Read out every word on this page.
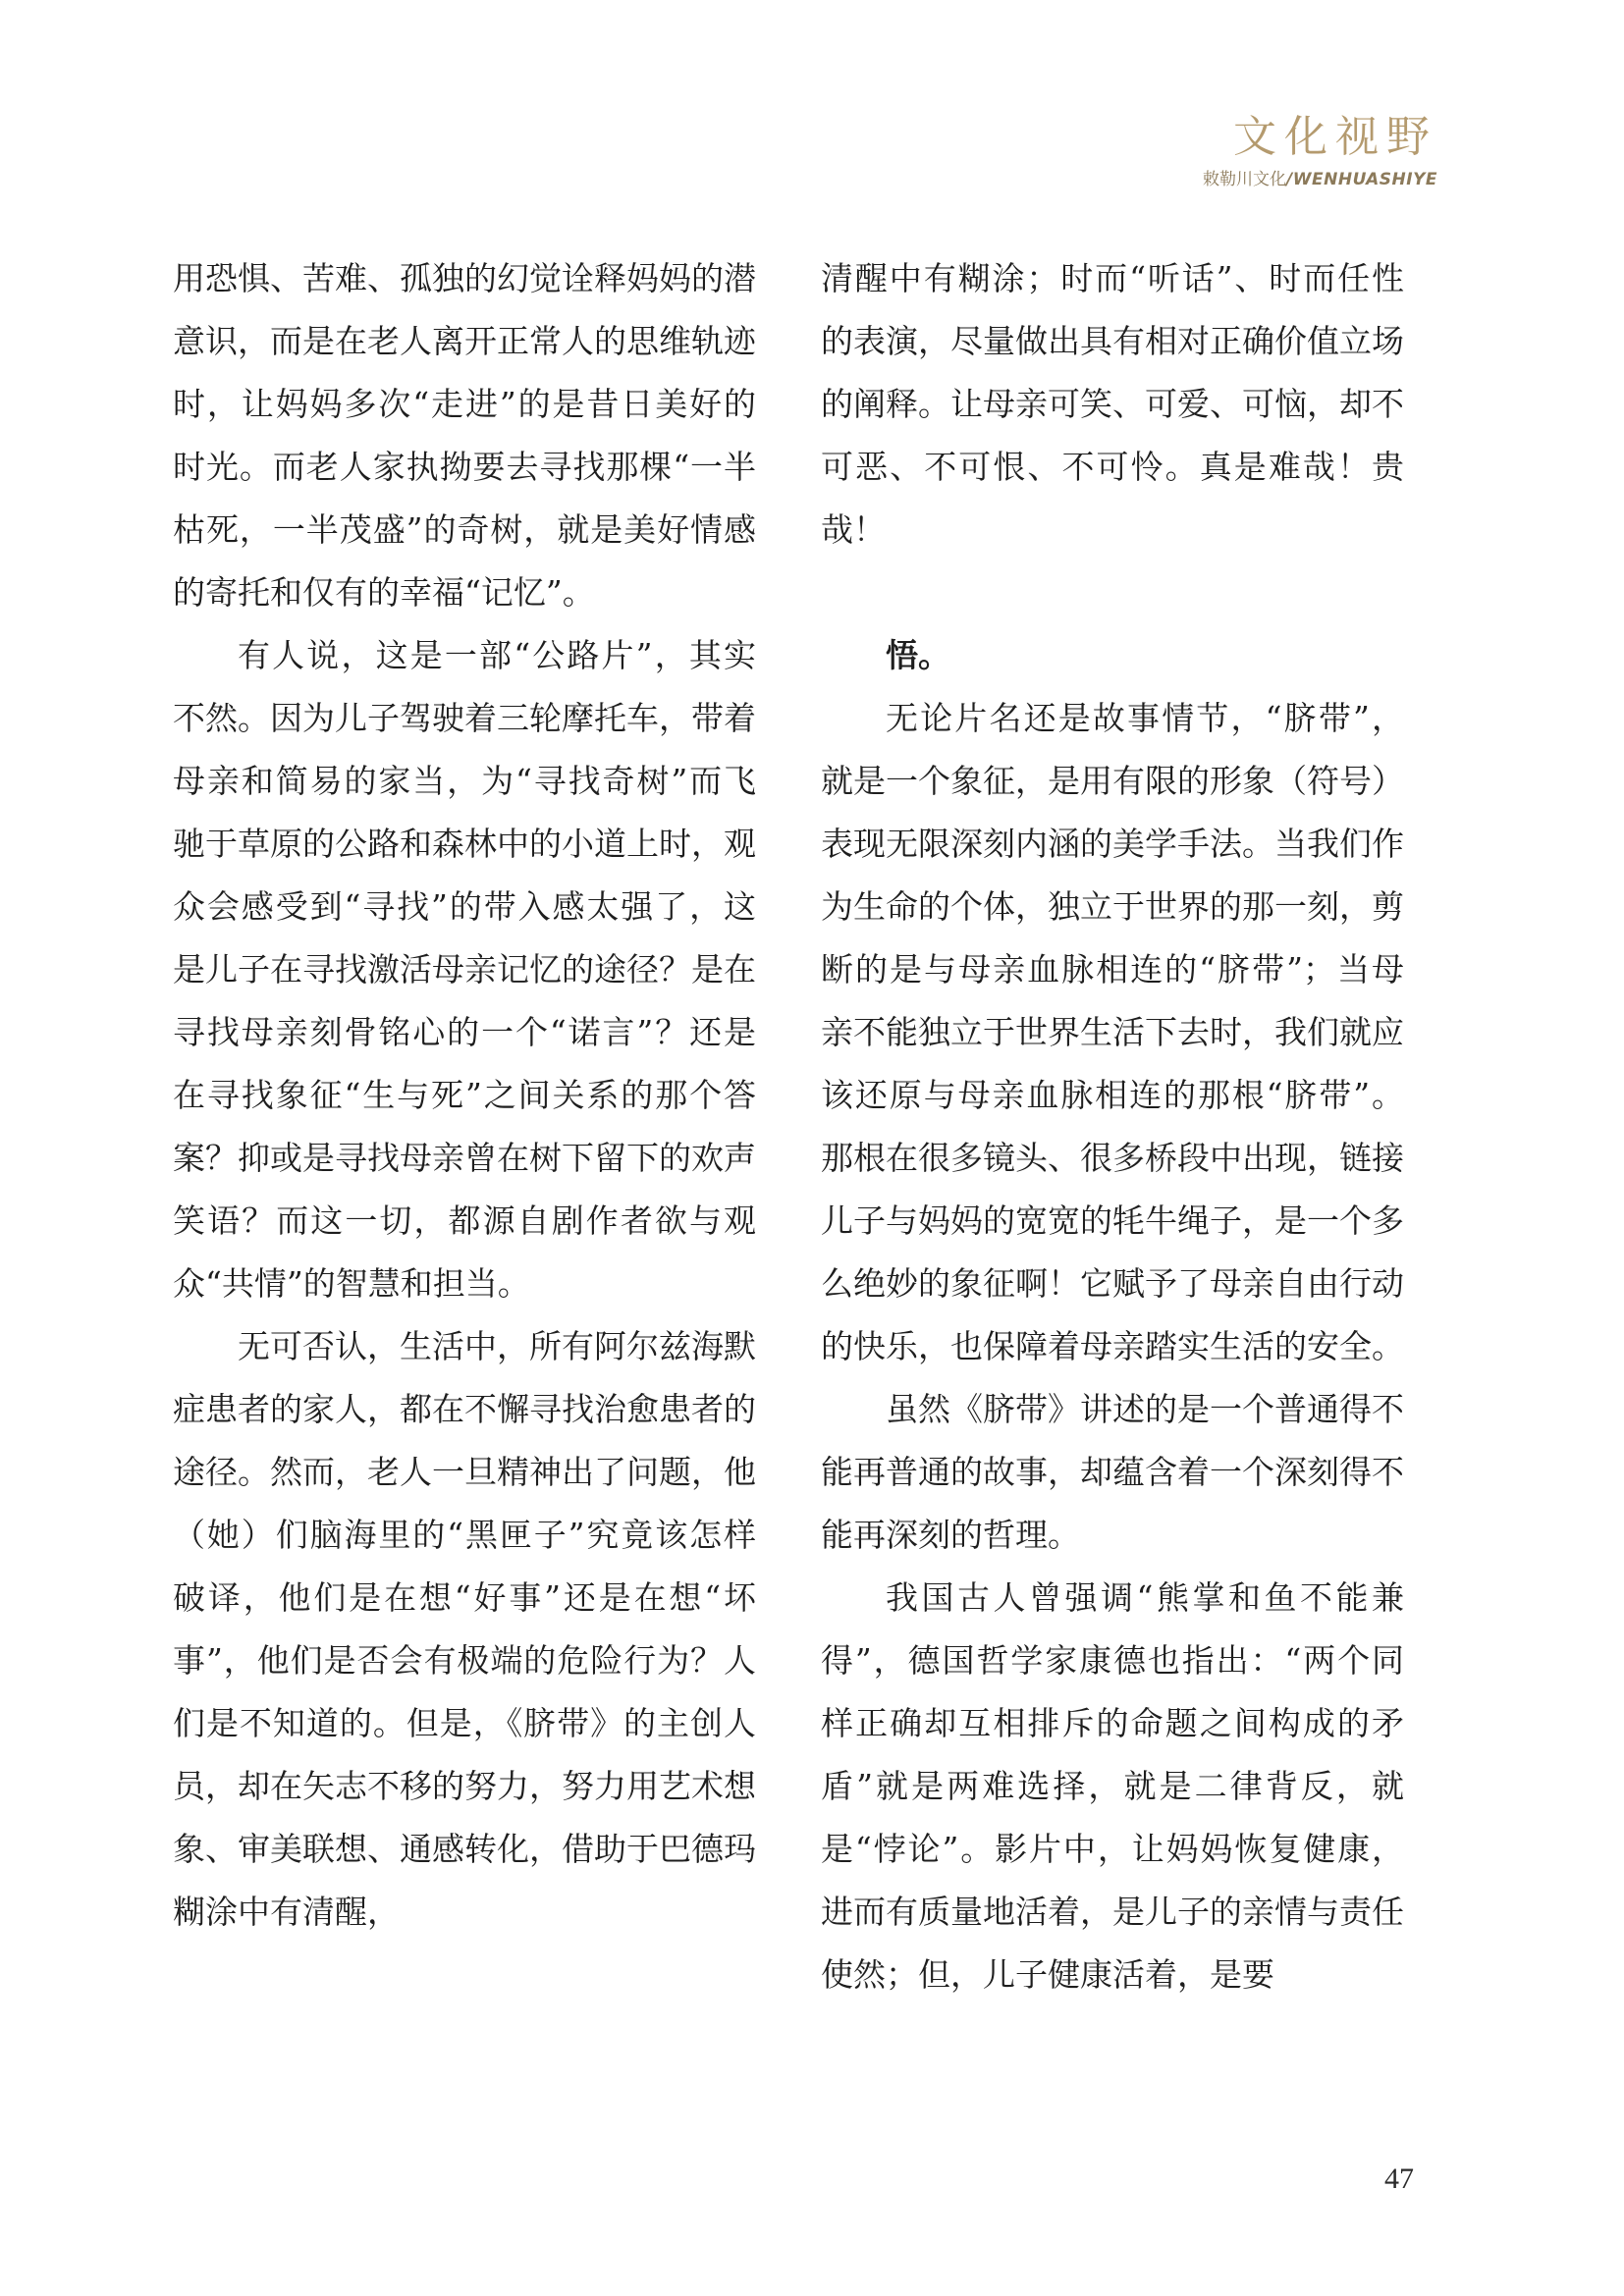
文化视野
敕勒川文化/WENHUASHIYE

用恐惧、苦难、孤独的幻觉诠释妈妈的潜意识，而是在老人离开正常人的思维轨迹时，让妈妈多次“走进”的是昔日美好的时光。而老人家执拗要去寻找那棵“一半枯死，一半茂盛”的奇树，就是美好情感的寄托和仅有的幸福“记忆”。

有人说，这是一部“公路片”，其实不然。因为儿子驾驶着三轮摩托车，带着母亲和简易的家当，为“寻找奇树”而飞驰于草原的公路和森林中的小道上时，观众会感受到“寻找”的带入感太强了，这是儿子在寻找激活母亲记忆的途径？是在寻找母亲刻骨铭心的一个“诺言”？还是在寻找象征“生与死”之间关系的那个答案？抑或是寻找母亲曾在树下留下的欢声笑语？而这一切，都源自剧作者欲与观众“共情”的智慧和担当。

无可否认，生活中，所有阿尔兹海默症患者的家人，都在不懈寻找治愈患者的途径。然而，老人一旦精神出了问题，他（她）们脑海里的“黑匣子”究竟该怎样破译，他们是在想“好事”还是在想“坏事”，他们是否会有极端的危险行为？人们是不知道的。但是，《脐带》的主创人员，却在矢志不移的努力，努力用艺术想象、审美联想、通感转化，借助于巴德玛糊涂中有清醒，

清醒中有糊涂；时而“听话”、时而任性的表演，尽量做出具有相对正确价值立场的阐释。让母亲可笑、可爱、可恼，却不可恶、不可恨、不可怜。真是难哉！贵哉！

悟。

无论片名还是故事情节，“脐带”，就是一个象征，是用有限的形象（符号）表现无限深刻内涵的美学手法。当我们作为生命的个体，独立于世界的那一刻，剪断的是与母亲血脉相连的“脐带”；当母亲不能独立于世界生活下去时，我们就应该还原与母亲血脉相连的那根“脐带”。那根在很多镜头、很多桥段中出现，链接儿子与妈妈的宽宽的牦牛绳子，是一个多么绝妙的象征啊！它赋予了母亲自由行动的快乐，也保障着母亲踏实生活的安全。

虽然《脐带》讲述的是一个普通得不能再普通的故事，却蕴含着一个深刻得不能再深刻的哲理。

我国古人曾强调“熊掌和鱼不能兼得”，德国哲学家康德也指出：“两个同样正确却互相排斥的命题之间构成的矛盾”就是两难选择，就是二律背反，就是“悖论”。影片中，让妈妈恢复健康，进而有质量地活着，是儿子的亲情与责任使然；但，儿子健康活着，是要

47
